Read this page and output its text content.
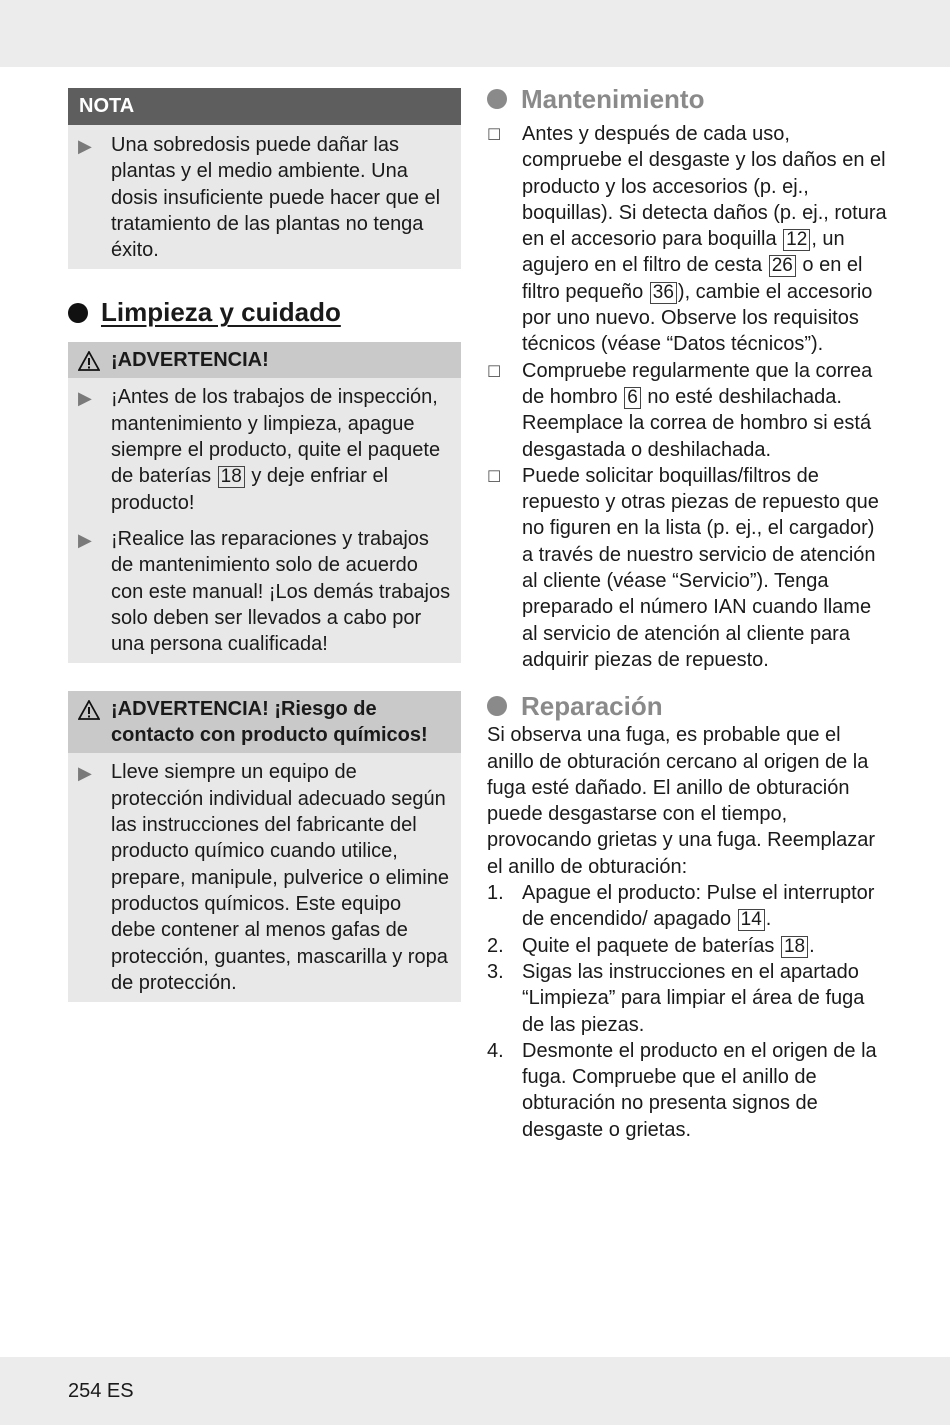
NOTA
▶ Una sobredosis puede dañar las plantas y el medio ambiente. Una dosis insuficiente puede hacer que el tratamiento de las plantas no tenga éxito.
Limpieza y cuidado
¡ADVERTENCIA!
▶ ¡Antes de los trabajos de inspección, mantenimiento y limpieza, apague siempre el producto, quite el paquete de baterías 18 y deje enfriar el producto!
▶ ¡Realice las reparaciones y trabajos de mantenimiento solo de acuerdo con este manual! ¡Los demás trabajos solo deben ser llevados a cabo por una persona cualificada!
¡ADVERTENCIA! ¡Riesgo de contacto con producto químicos!
▶ Lleve siempre un equipo de protección individual adecuado según las instrucciones del fabricante del producto químico cuando utilice, prepare, manipule, pulverice o elimine productos químicos. Este equipo debe contener al menos gafas de protección, guantes, mascarilla y ropa de protección.
Mantenimiento
☐	Antes y después de cada uso, compruebe el desgaste y los daños en el producto y los accesorios (p. ej., boquillas). Si detecta daños (p. ej., rotura en el accesorio para boquilla 12 , un agujero en el filtro de cesta 26 o en el filtro pequeño 36 ), cambie el accesorio por uno nuevo. Observe los requisitos técnicos (véase “Datos técnicos”).
☐	Compruebe regularmente que la correa de hombro 6 no esté deshilachada. Reemplace la correa de hombro si está desgastada o deshilachada.
☐	Puede solicitar boquillas/filtros de repuesto y otras piezas de repuesto que no figuren en la lista (p. ej., el cargador) a través de nuestro servicio de atención al cliente (véase “Servicio”). Tenga preparado el número IAN cuando llame al servicio de atención al cliente para adquirir piezas de repuesto.
Reparación
Si observa una fuga, es probable que el anillo de obturación cercano al origen de la fuga esté dañado. El anillo de obturación puede desgastarse con el tiempo, provocando grietas y una fuga. Reemplazar el anillo de obturación:
1. Apague el producto: Pulse el interruptor de encendido/ apagado 14 .
2. Quite el paquete de baterías 18 .
3. Sigas las instrucciones en el apartado “Limpieza” para limpiar el área de fuga de las piezas.
4. Desmonte el producto en el origen de la fuga. Compruebe que el anillo de obturación no presenta signos de desgaste o grietas.
254 ES
